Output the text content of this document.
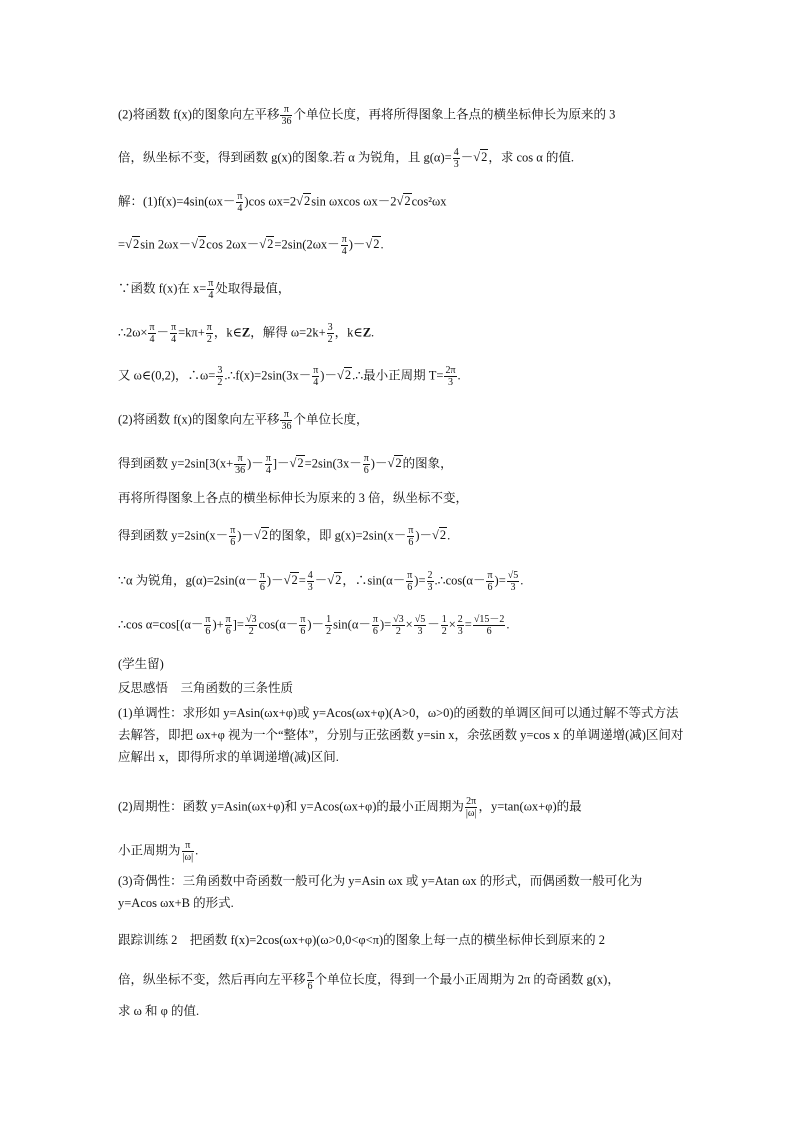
(2)将函数 f(x)的图象向左平移 $\frac{\pi}{36}$ 个单位长度，再将所得图象上各点的横坐标伸长为原来的 3
倍，纵坐标不变，得到函数 g(x)的图象.若 α 为锐角，且 $g(\alpha)= \frac{4}{3} -√2$，求 cos α 的值.
解：$(1)f(x)=4\sin(\omega x- \frac{\pi}{4} )\cos$ ωx=2√2sin ωxcos ωx－2√2cos²ωx
=√2sin 2ωx－√2cos $2\omega x-√2=2\sin(2\omega x- \frac{\pi}{4} )-√2$.
∵函数 f(x)在 $x= \frac{\pi}{4}$ 处取得最值，
∴2ω× $\frac{\pi}{4} - \frac{\pi}{4} =k\pi+ \frac{\pi}{2}$ ，k∈Z，解得 $\omega=2k+ \frac{3}{2}$ ，k∈Z.
又 ω∈(0,2)，∴ω= $\frac{3}{2}$ .∴f(x)=2sin(3x－ $\frac{\pi}{4}$ )－√2.∴最小正周期 $T= \frac{2\pi}{3}$ .
(2)将函数 f(x)的图象向左平移 $\frac{\pi}{36}$ 个单位长度，
得到函数 $y=2\sin[3(x+ \frac{\pi}{36}$ )－ $\frac{\pi}{4} ]-√2=2\sin(3x- \frac{\pi}{6} )-√2$的图象，
再将所得图象上各点的横坐标伸长为原来的 3 倍，纵坐标不变，
得到函数 $y=2\sin(x- \frac{\pi}{6} )-√2$的图象，即 $g(x)=2\sin(x- \frac{\pi}{6} )-√2$.
∵α 为锐角，$g(\alpha)=2\sin(\alpha- \frac{\pi}{6} )-√2= \frac{4}{3} -√2$，∴sin(α－ $\frac{\pi}{6}$ )= $\frac{2}{3}$ .∴cos(α－ $\frac{\pi}{6}$ )= $\frac{√5}{3}$ .
∴cos $\alpha=\cos[(\alpha- \frac{\pi}{6}$ )+ $\frac{\pi}{6}$ ]= $\frac{√3}{2} \cos(\alpha- \frac{\pi}{6}$ )－ $\frac{1}{2} \sin(\alpha- \frac{\pi}{6}$ )= $\frac{√3}{2} \times \frac{√5}{3} - \frac{1}{2} \times \frac{2}{3} = \frac{√15-2}{6}$ .
(学生留)
反思感悟　三角函数的三条性质
(1)单调性：求形如 y=Asin(ωx+φ)或 y=Acos(ωx+φ)(A>0，ω>0)的函数的单调区间可以通过解不等式方法去解答，即把 ωx+φ 视为一个“整体”，分别与正弦函数 y=sin x，余弦函数 y=cos x 的单调递增(减)区间对应解出 x，即得所求的单调递增(减)区间.
(2)周期性：函数 y=Asin(ωx+φ)和 y=Acos(ωx+φ)的最小正周期为 $\frac{2\pi}{|\omega|}$ ，y=tan(ωx+φ)的最
小正周期为 $\frac{\pi}{|\omega|}$ .
(3)奇偶性：三角函数中奇函数一般可化为 y=Asin ωx 或 y=Atan ωx 的形式，而偶函数一般可化为 y=Acos ωx+B 的形式.
跟踪训练 2　把函数 f(x)=2cos(ωx+φ)(ω>0,0<φ<π)的图象上每一点的横坐标伸长到原来的 2
倍，纵坐标不变，然后再向左平移 $\frac{\pi}{6}$ 个单位长度，得到一个最小正周期为 2π 的奇函数 g(x)，
求 ω 和 φ 的值.
